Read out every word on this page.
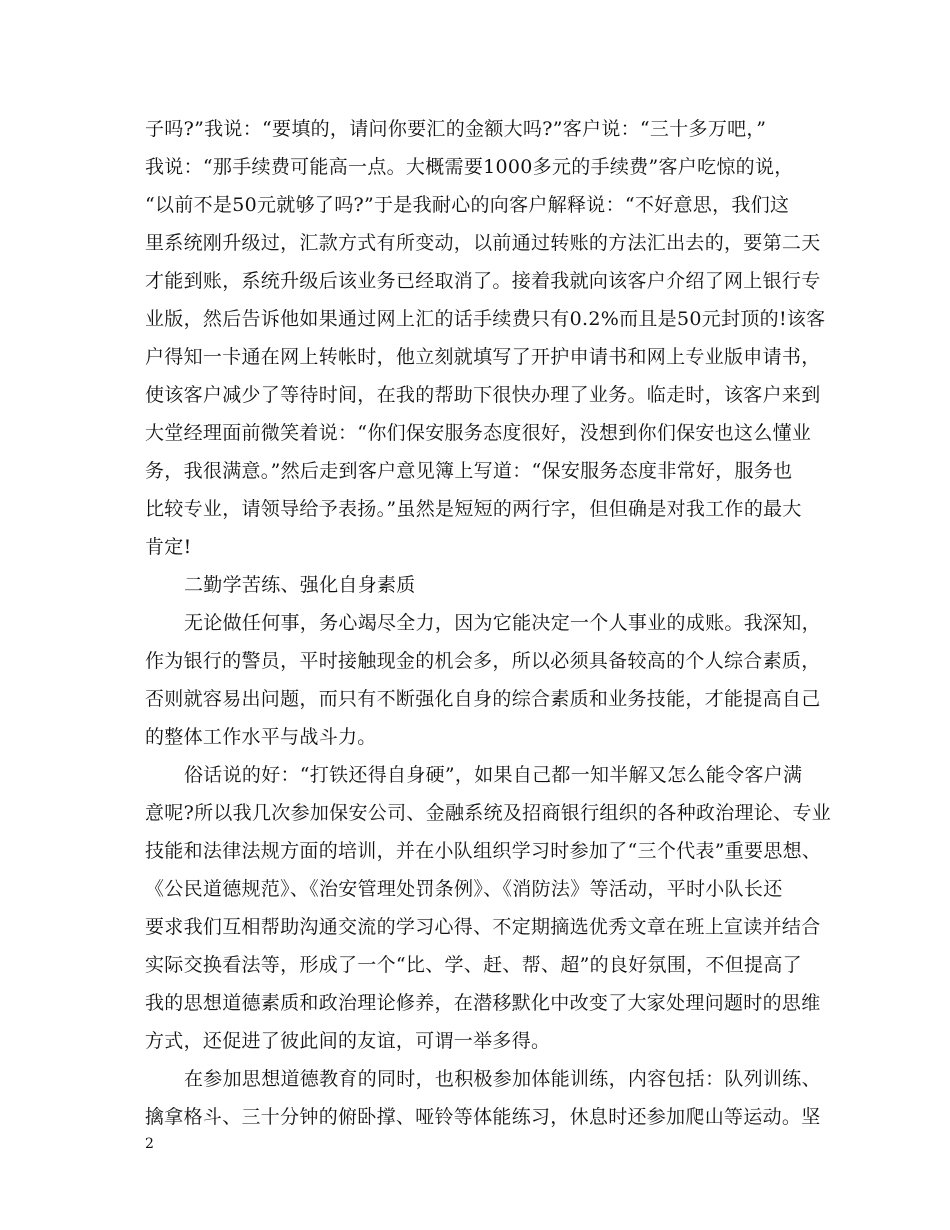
子吗?”我说：“要填的，请问你要汇的金额大吗?”客户说：“三十多万吧，”
我说：“那手续费可能高一点。大概需要1000多元的手续费”客户吃惊的说，
“以前不是50元就够了吗?”于是我耐心的向客户解释说：“不好意思，我们这
里系统刚升级过，汇款方式有所变动，以前通过转账的方法汇出去的，要第二天
才能到账，系统升级后该业务已经取消了。接着我就向该客户介绍了网上银行专
业版，然后告诉他如果通过网上汇的话手续费只有0.2%而且是50元封顶的!该客
户得知一卡通在网上转帐时，他立刻就填写了开护申请书和网上专业版申请书，
使该客户减少了等待时间，在我的帮助下很快办理了业务。临走时，该客户来到
大堂经理面前微笑着说：“你们保安服务态度很好，没想到你们保安也这么懂业
务，我很满意。”然后走到客户意见簿上写道：“保安服务态度非常好，服务也
比较专业，请领导给予表扬。”虽然是短短的两行字，但但确是对我工作的最大
肯定!
二勤学苦练、强化自身素质
无论做任何事，务心竭尽全力，因为它能决定一个人事业的成账。我深知，
作为银行的警员，平时接触现金的机会多，所以必须具备较高的个人综合素质，
否则就容易出问题，而只有不断强化自身的综合素质和业务技能，才能提高自己
的整体工作水平与战斗力。
俗话说的好：“打铁还得自身硬”，如果自己都一知半解又怎么能令客户满
意呢?所以我几次参加保安公司、金融系统及招商银行组织的各种政治理论、专业
技能和法律法规方面的培训，并在小队组织学习时参加了“三个代表”重要思想、
《公民道德规范》、《治安管理处罚条例》、《消防法》等活动，平时小队长还
要求我们互相帮助沟通交流的学习心得、不定期摘选优秀文章在班上宣读并结合
实际交换看法等，形成了一个“比、学、赶、帮、超”的良好氛围，不但提高了
我的思想道德素质和政治理论修养，在潜移默化中改变了大家处理问题时的思维
方式，还促进了彼此间的友谊，可谓一举多得。
在参加思想道德教育的同时，也积极参加体能训练，内容包括：队列训练、
擒拿格斗、三十分钟的俯卧撑、哑铃等体能练习，休息时还参加爬山等运动。坚
2
